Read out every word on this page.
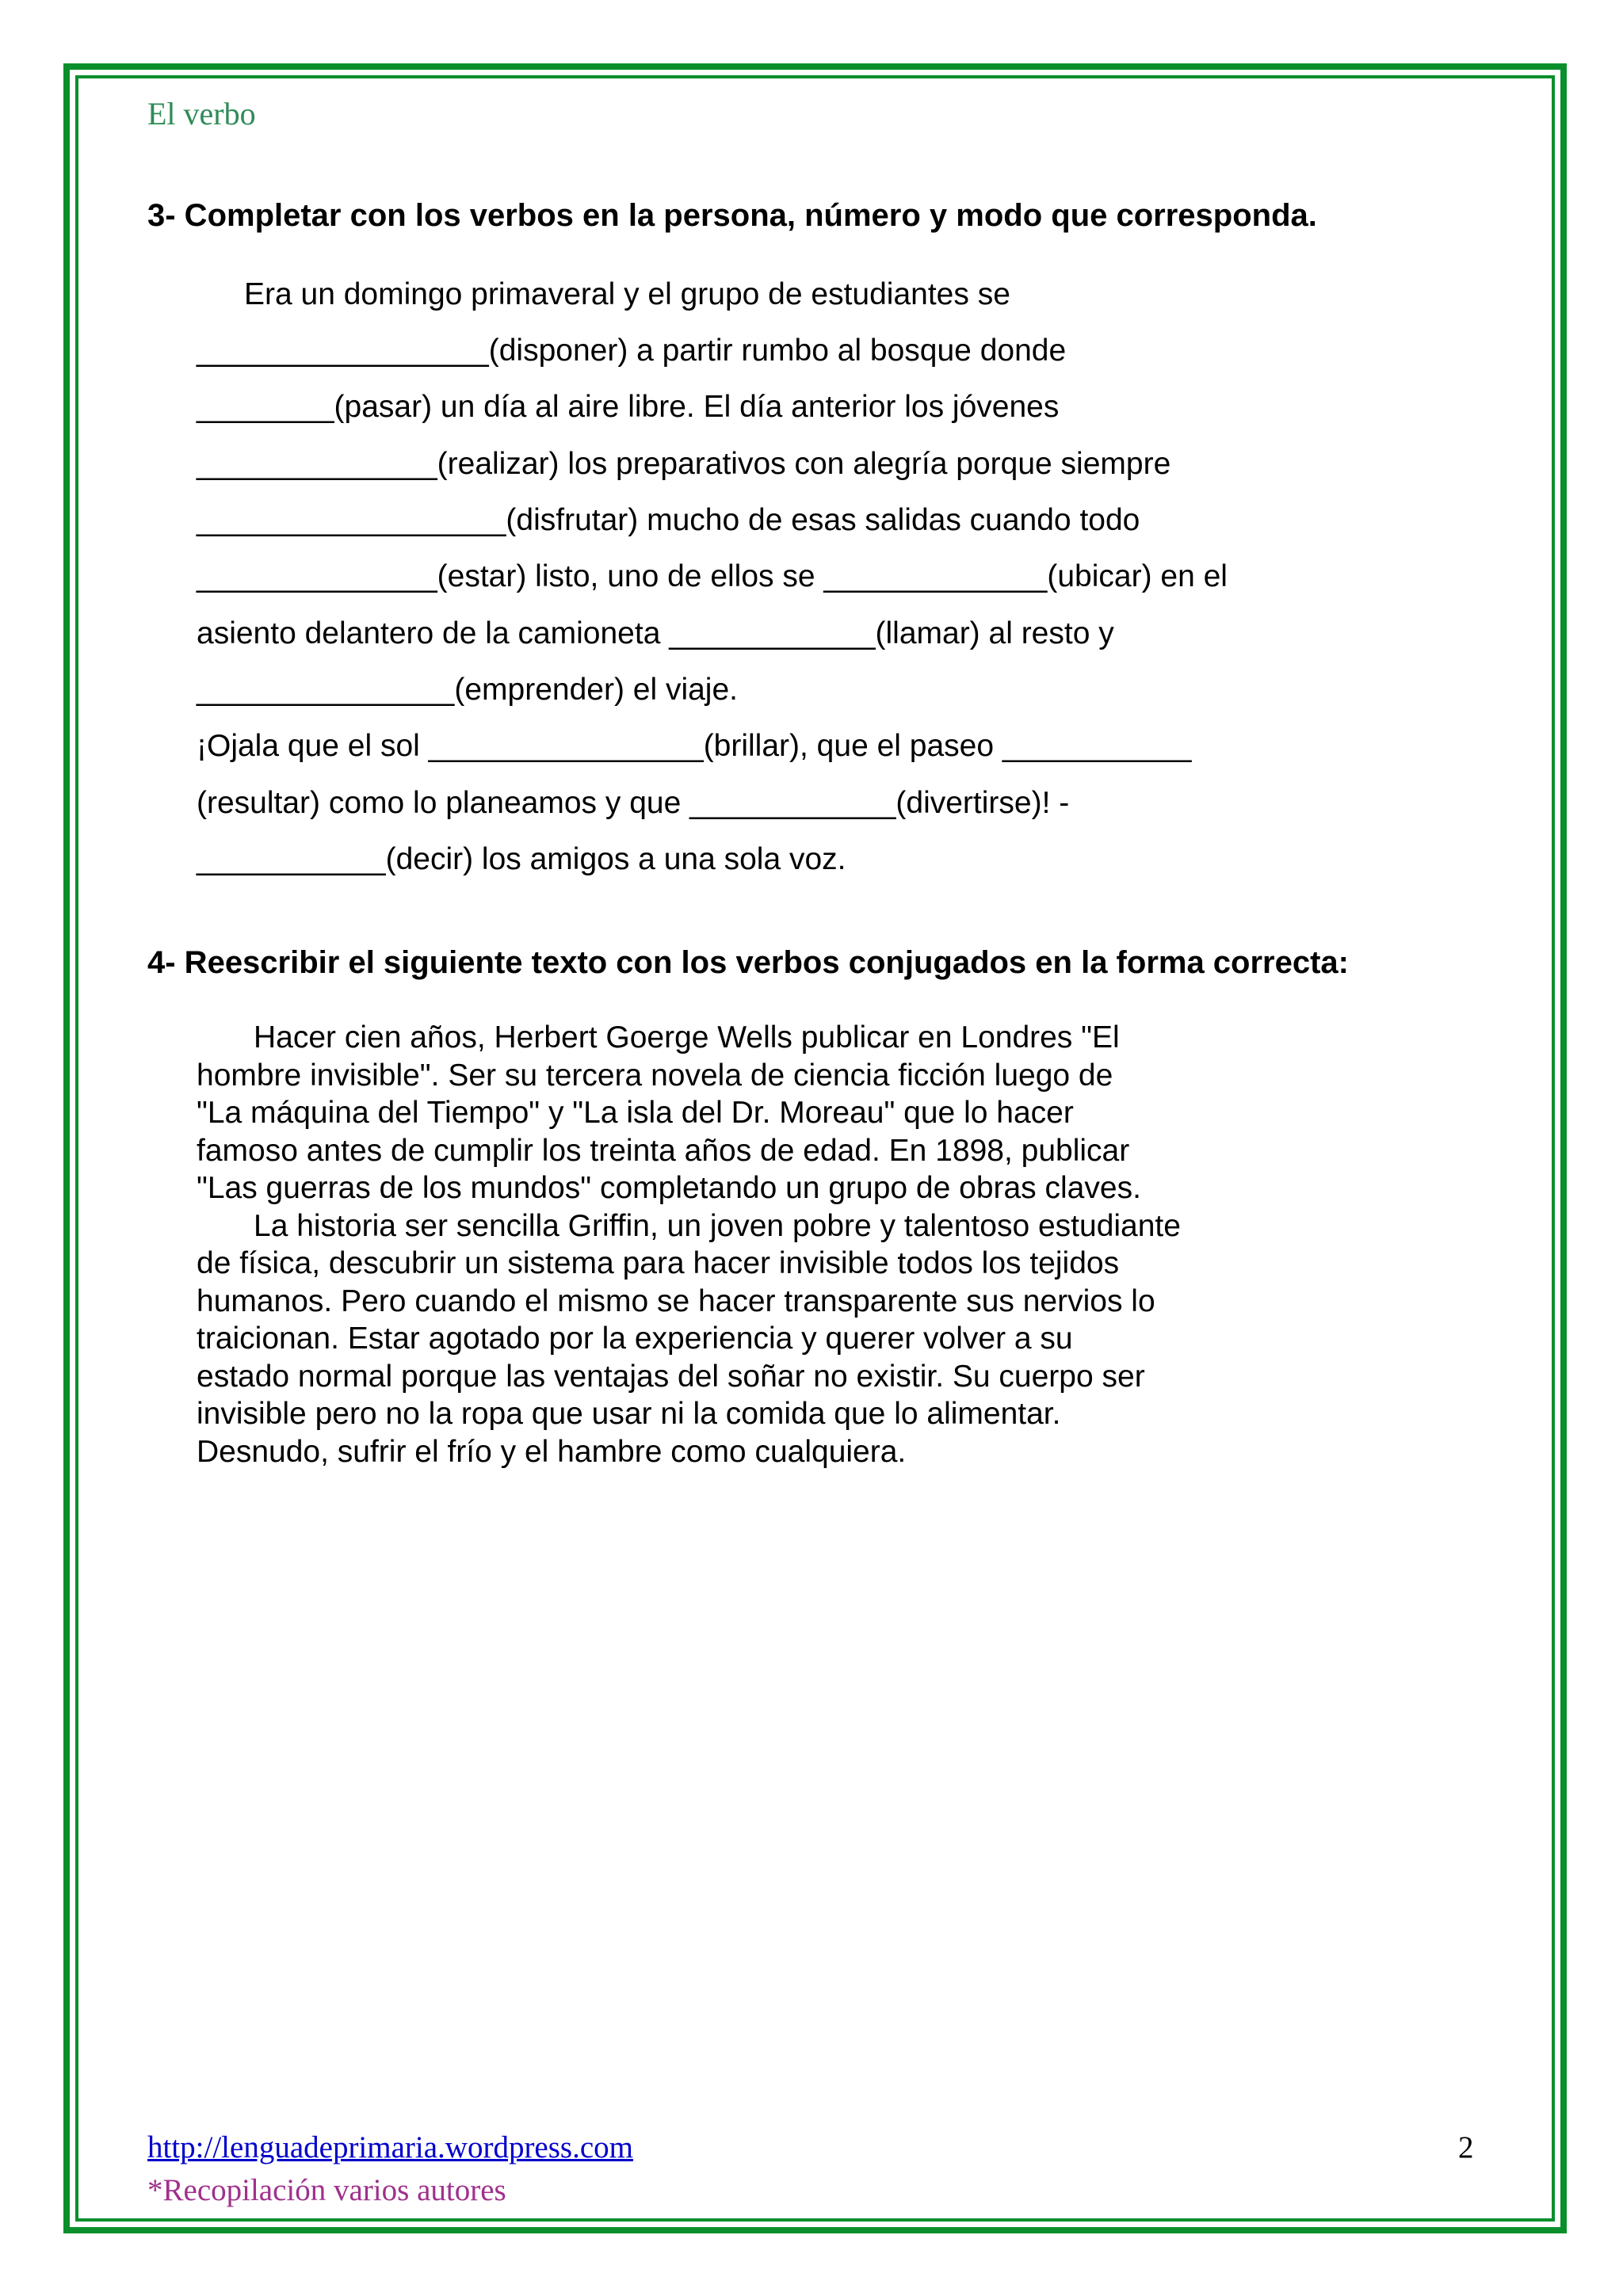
El verbo
3- Completar con los verbos en la persona, número y modo que corresponda.
Era un domingo primaveral y el grupo de estudiantes se
_________________(disponer) a partir rumbo al bosque donde
________(pasar) un día al aire libre. El día anterior los jóvenes
______________(realizar) los preparativos con alegría porque siempre
__________________(disfrutar) mucho de esas salidas cuando todo
______________(estar) listo, uno de ellos se _____________(ubicar) en el
asiento delantero de la camioneta ____________(llamar) al resto y
_______________(emprender) el viaje.
¡Ojala que el sol ________________(brillar), que el paseo ___________
(resultar) como lo planeamos y que ____________(divertirse)! -
___________(decir) los amigos a una sola voz.
4- Reescribir el siguiente texto con los verbos conjugados en la forma correcta:
Hacer cien años, Herbert Goerge Wells publicar en Londres "El
hombre invisible". Ser su tercera novela de ciencia ficción luego de
"La máquina del Tiempo" y "La isla del Dr. Moreau" que lo hacer
famoso antes de cumplir los treinta años de edad. En 1898, publicar
"Las guerras de los mundos" completando un grupo de obras claves.
La historia ser sencilla Griffin, un joven pobre y talentoso estudiante
de física, descubrir un sistema para hacer invisible todos los tejidos
humanos. Pero cuando el mismo se hacer transparente sus nervios lo
traicionan. Estar agotado por la experiencia y querer volver a su
estado normal porque las ventajas del soñar no existir. Su cuerpo ser
invisible pero no la ropa que usar ni la comida que lo alimentar.
Desnudo, sufrir el frío y el hambre como cualquiera.
http://lenguadeprimaria.wordpress.com
*Recopilación varios autores
2
